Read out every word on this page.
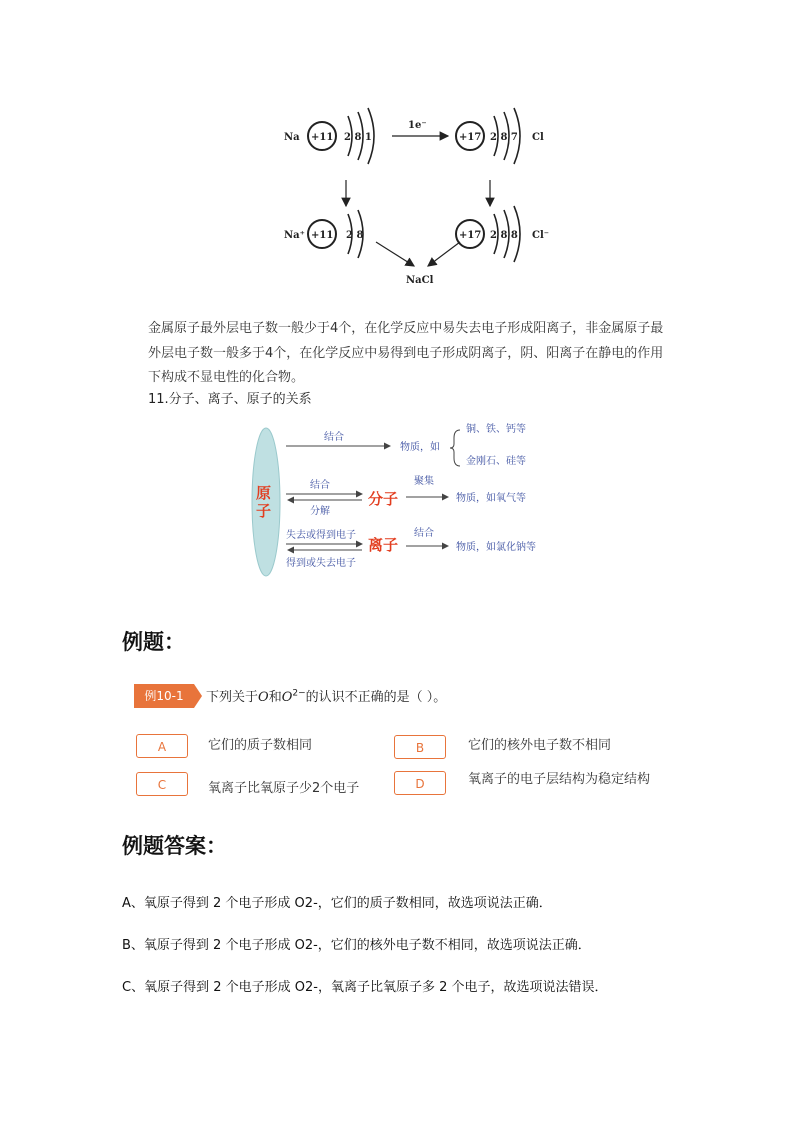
Na +11 2 8 1
1e⁻
+17 2 8 7 Cl
Na⁺ +11 2 8	+17 2 8 8 Cl⁻
NaCl
金属原子最外层电子数一般少于4个，在化学反应中易失去电子形成阳离子，非金属原子最外层电子数一般多于4个，在化学反应中易得到电子形成阴离子，阴、阳离子在静电的作用下构成不显电性的化合物。
11.分子、离子、原子的关系
原
子
结合
物质，如
铜、铁、钙等
金刚石、硅等
结合
分解
分子
聚集
物质，如氧气等
失去或得到电子
得到或失去电子
离子
结合
物质，如氯化钠等
例题：
例10-1	下列关于O和$O^{2-}$的认识不正确的是（ ）。
A	它们的质子数相同	B	它们的核外电子数不相同
C	氧离子比氧原子少2个电子	D	氧离子的电子层结构为稳定结构
例题答案：
A、氧原子得到 2 个电子形成 O2-，它们的质子数相同，故选项说法正确．
B、氧原子得到 2 个电子形成 O2-，它们的核外电子数不相同，故选项说法正确．
C、氧原子得到 2 个电子形成 O2-，氧离子比氧原子多 2 个电子，故选项说法错误．
